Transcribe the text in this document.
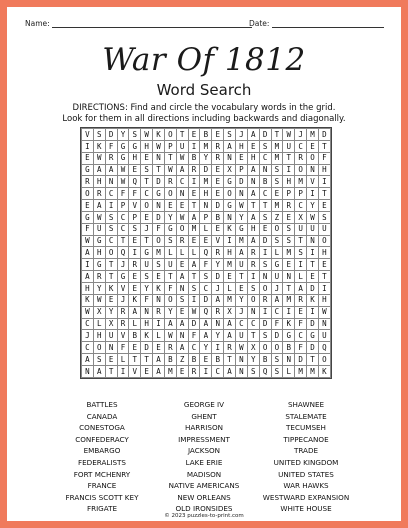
Name:	Date:
War Of 1812
Word Search
DIRECTIONS: Find and circle the vocabulary words in the grid.
Look for them in all directions including backwards and diagonally.
V	S	D	Y	S	W	K	O	T	E	B	E	S	J	A	D	T	W	J	M	D
I	K	F	G	G	H	W	P	U	I	M	R	A	H	E	S	M	U	C	E	T
E	W	R	G	H	E	N	T	W	B	Y	R	N	E	H	C	M	T	R	O	F
G	A	A	W	E	S	T	W	A	R	D	E	X	P	A	N	S	I	O	N	H
R	H	N	W	Q	T	D	R	C	I	M	E	G	D	N	B	S	H	M	V	I
O	R	C	F	F	C	G	O	N	E	H	E	O	N	A	C	E	P	P	I	T
E	A	I	P	V	O	N	E	E	T	N	D	G	W	T	T	M	R	C	Y	E
G	W	S	C	P	E	D	Y	W	A	P	B	N	Y	A	S	Z	E	X	W	S
F	U	S	C	S	J	F	G	O	M	L	E	K	G	H	E	O	S	U	U	U
W	G	C	T	E	T	O	S	R	E	E	V	I	M	A	D	S	S	T	N	O
A	H	O	Q	I	G	M	L	L	L	Q	R	H	A	R	I	L	M	S	I	H
I	G	T	J	R	U	S	U	E	A	F	Y	M	U	R	S	G	E	I	T	E
A	R	T	G	E	S	E	T	A	T	S	D	E	T	I	N	U	N	L	E	T
H	Y	K	V	E	Y	K	F	N	S	C	J	L	E	S	O	J	T	A	D	I
K	W	E	J	K	F	N	O	S	I	D	A	M	Y	O	R	A	M	R	K	H
W	X	Y	R	A	N	R	Y	E	W	Q	R	X	J	N	I	C	I	E	I	W
C	L	X	R	L	H	I	A	A	D	A	N	A	C	C	D	F	K	F	D	N
J	H	U	V	B	K	L	W	N	F	A	Y	A	U	T	S	D	G	C	G	U
C	O	N	F	E	D	E	R	A	C	Y	I	R	W	X	O	O	B	F	D	Q
A	S	E	L	T	T	A	B	Z	B	E	B	T	N	Y	B	S	N	D	T	O
N	A	T	I	V	E	A	M	E	R	I	C	A	N	S	Q	S	L	M	M	K
BATTLES
CANADA
CONESTOGA
CONFEDERACY
EMBARGO
FEDERALISTS
FORT MCHENRY
FRANCE
FRANCIS SCOTT KEY
FRIGATE
GEORGE IV
GHENT
HARRISON
IMPRESSMENT
JACKSON
LAKE ERIE
MADISON
NATIVE AMERICANS
NEW ORLEANS
OLD IRONSIDES
SHAWNEE
STALEMATE
TECUMSEH
TIPPECANOE
TRADE
UNITED KINGDOM
UNITED STATES
WAR HAWKS
WESTWARD EXPANSION
WHITE HOUSE
© 2023 puzzles-to-print.com
